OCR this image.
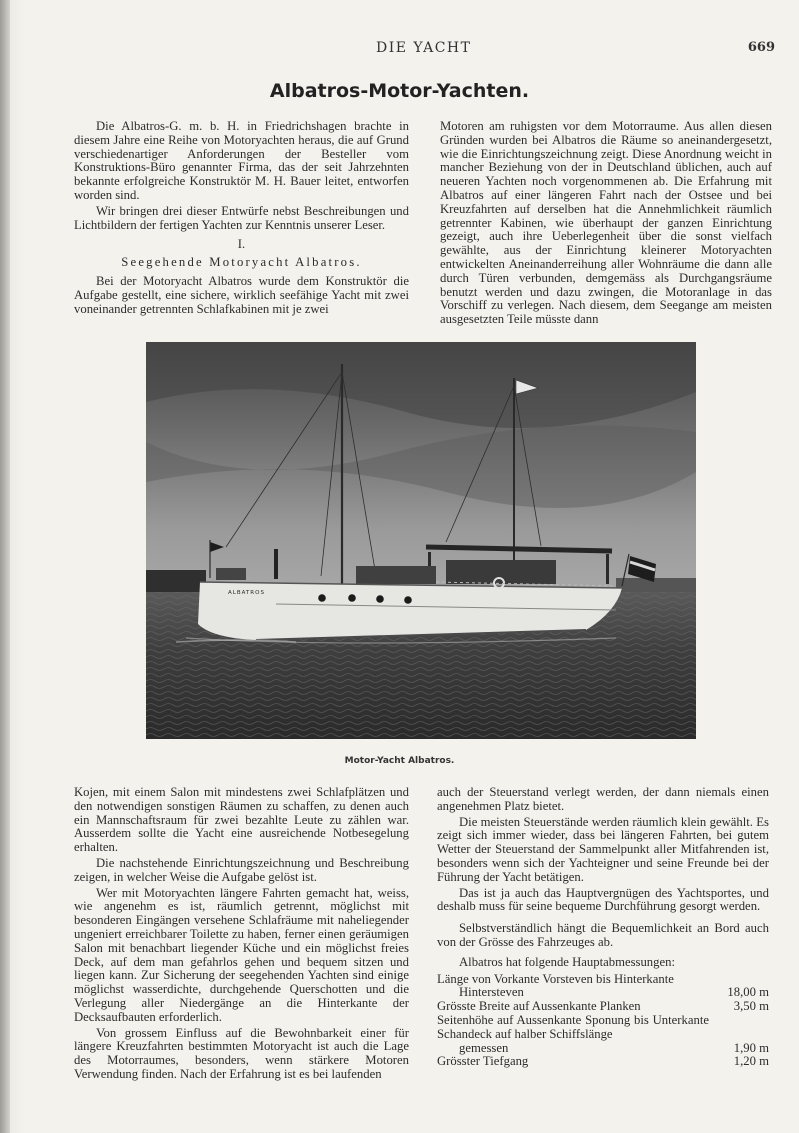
DIE YACHT	669
Albatros-Motor-Yachten.

Die Albatros-G. m. b. H. in Friedrichshagen brachte in diesem Jahre eine Reihe von Motoryachten heraus, die auf Grund verschiedenartiger Anforderungen der Besteller vom Konstruktions-Büro genannter Firma, das der seit Jahrzehnten bekannte erfolgreiche Konstruktör M. H. Bauer leitet, entworfen worden sind.

Wir bringen drei dieser Entwürfe nebst Beschreibungen und Lichtbildern der fertigen Yachten zur Kenntnis unserer Leser.

I.
Seegehende Motoryacht Albatros.

Bei der Motoryacht Albatros wurde dem Konstruktör die Aufgabe gestellt, eine sichere, wirklich seefähige Yacht mit zwei voneinander getrennten Schlafkabinen mit je zwei

Motoren am ruhigsten vor dem Motorraume. Aus allen diesen Gründen wurden bei Albatros die Räume so aneinandergesetzt, wie die Einrichtungszeichnung zeigt. Diese Anordnung weicht in mancher Beziehung von der in Deutschland üblichen, auch auf neueren Yachten noch vorgenommenen ab. Die Erfahrung mit Albatros auf einer längeren Fahrt nach der Ostsee und bei Kreuzfahrten auf derselben hat die Annehmlichkeit räumlich getrennter Kabinen, wie überhaupt der ganzen Einrichtung gezeigt, auch ihre Ueberlegenheit über die sonst vielfach gewählte, aus der Einrichtung kleinerer Motoryachten entwickelten Aneinanderreihung aller Wohnräume die dann alle durch Türen verbunden, demgemäss als Durchgangsräume benutzt werden und dazu zwingen, die Motoranlage in das Vorschiff zu verlegen. Nach diesem, dem Seegange am meisten ausgesetzten Teile müsste dann

ALBATROS
Motor-Yacht Albatros.

Kojen, mit einem Salon mit mindestens zwei Schlafplätzen und den notwendigen sonstigen Räumen zu schaffen, zu denen auch ein Mannschaftsraum für zwei bezahlte Leute zu zählen war. Ausserdem sollte die Yacht eine ausreichende Notbesegelung erhalten.

Die nachstehende Einrichtungszeichnung und Beschreibung zeigen, in welcher Weise die Aufgabe gelöst ist.

Wer mit Motoryachten längere Fahrten gemacht hat, weiss, wie angenehm es ist, räumlich getrennt, möglichst mit besonderen Eingängen versehene Schlafräume mit naheliegender ungeniert erreichbarer Toilette zu haben, ferner einen geräumigen Salon mit benachbart liegender Küche und ein möglichst freies Deck, auf dem man gefahrlos gehen und bequem sitzen und liegen kann. Zur Sicherung der seegehenden Yachten sind einige möglichst wasserdichte, durchgehende Querschotten und die Verlegung aller Niedergänge an die Hinterkante der Decksaufbauten erforderlich.

Von grossem Einfluss auf die Bewohnbarkeit einer für längere Kreuzfahrten bestimmten Motoryacht ist auch die Lage des Motorraumes, besonders, wenn stärkere Motoren Verwendung finden. Nach der Erfahrung ist es bei laufenden

auch der Steuerstand verlegt werden, der dann niemals einen angenehmen Platz bietet.

Die meisten Steuerstände werden räumlich klein gewählt. Es zeigt sich immer wieder, dass bei längeren Fahrten, bei gutem Wetter der Steuerstand der Sammelpunkt aller Mitfahrenden ist, besonders wenn sich der Yachteigner und seine Freunde bei der Führung der Yacht betätigen.

Das ist ja auch das Hauptvergnügen des Yachtsportes, und deshalb muss für seine bequeme Durchführung gesorgt werden.

Selbstverständlich hängt die Bequemlichkeit an Bord auch von der Grösse des Fahrzeuges ab.

Albatros hat folgende Hauptabmessungen:

Länge von Vorkante Vorsteven bis Hinterkante
Hintersteven	18,00 m
Grösste Breite auf Aussenkante Planken	3,50 m
Seitenhöhe auf Aussenkante Sponung bis Unterkante Schandeck auf halber Schiffslänge
gemessen	1,90 m
Grösster Tiefgang	1,20 m
